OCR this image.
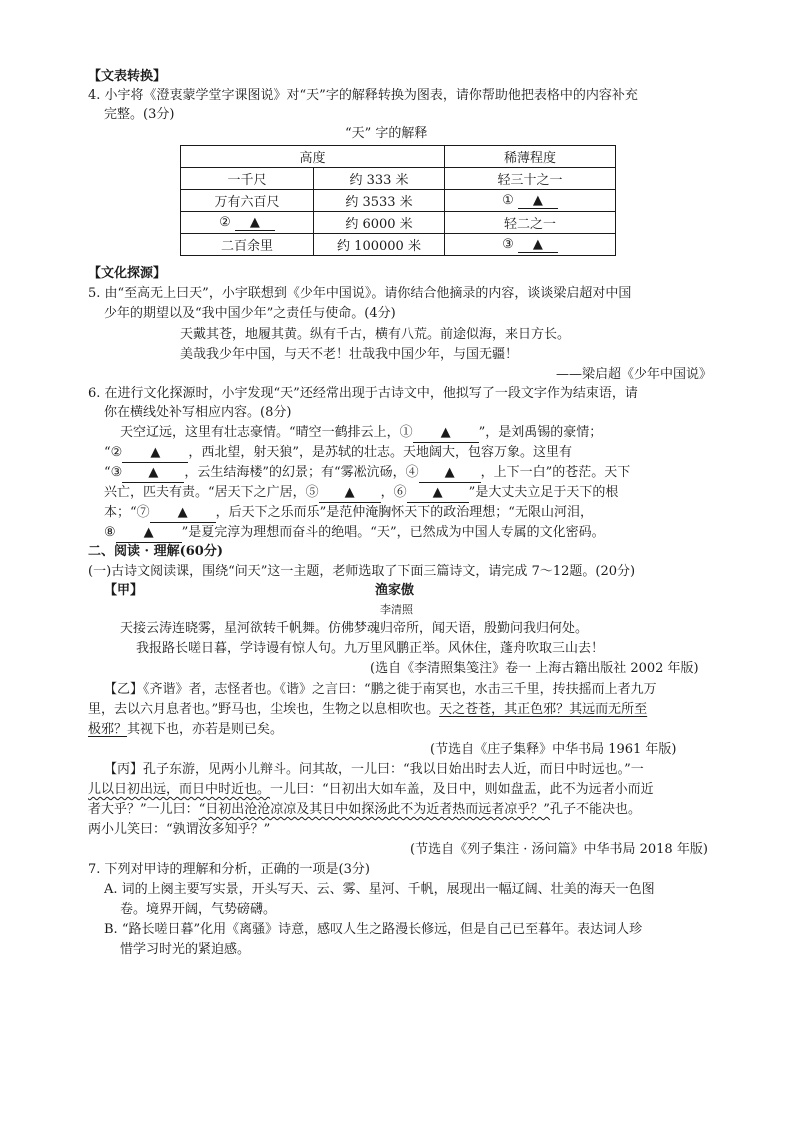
【文表转换】
4. 小宇将《澄衷蒙学堂字课图说》对“天”字的解释转换为图表，请你帮助他把表格中的内容补充
完整。(3分)
“天” 字的解释
高度		稀薄程度
一千尺	约 333 米	轻三十之一
万有六百尺	约 3533 米	① ▲
② ▲	约 6000 米	轻二之一
二百余里	约 100000 米	③ ▲
【文化探源】
5. 由“至高无上曰天”，小宇联想到《少年中国说》。请你结合他摘录的内容，谈谈梁启超对中国
少年的期望以及“我中国少年”之责任与使命。(4分)
天戴其苍，地履其黄。纵有千古，横有八荒。前途似海，来日方长。
美哉我少年中国，与天不老！壮哉我中国少年，与国无疆！
——梁启超《少年中国说》
6. 在进行文化探源时，小宇发现“天”还经常出现于古诗文中，他拟写了一段文字作为结束语，请
你在横线处补写相应内容。(8分)
天空辽远，这里有壮志豪情。“晴空一鹤排云上，① ▲ ”，是刘禹锡的豪情；
“② ▲ ，西北望，射天狼”，是苏轼的壮志。天地阔大，包容万象。这里有
“③ ▲ ，云生结海楼”的幻景；有“雾凇沆砀，④ ▲ ，上下一白”的苍茫。天下
兴亡，匹夫有责。“居天下之广居，⑤ ▲ ，⑥ ▲ ”是大丈夫立足于天下的根
本；“⑦ ▲ ，后天下之乐而乐”是范仲淹胸怀天下的政治理想；“无限山河泪，
⑧ ▲ ”是夏完淳为理想而奋斗的绝唱。“天”，已然成为中国人专属的文化密码。
二、阅读 · 理解(60分)
(一)古诗文阅读课，围绕“问天”这一主题，老师选取了下面三篇诗文，请完成 7～12题。(20分)
【甲】	渔家傲
李清照
天接云涛连晓雾，星河欲转千帆舞。仿佛梦魂归帝所，闻天语，殷勤问我归何处。
我报路长嗟日暮，学诗谩有惊人句。九万里风鹏正举。风休住，蓬舟吹取三山去！
(选自《李清照集笺注》卷一 上海古籍出版社 2002 年版)
【乙】《齐谐》者，志怪者也。《谐》之言曰：“鹏之徙于南冥也，水击三千里，抟扶摇而上者九万
里，去以六月息者也。”野马也，尘埃也，生物之以息相吹也。天之苍苍，其正色邪？其远而无所至
极邪？其视下也，亦若是则已矣。
(节选自《庄子集释》中华书局 1961 年版)
【丙】孔子东游，见两小儿辩斗。问其故，一儿曰：“我以日始出时去人近，而日中时远也。”一
儿以日初出远，而日中时近也。一儿曰：“日初出大如车盖，及日中，则如盘盂，此不为远者小而近
者大乎？”一儿曰：“日初出沧沧凉凉及其日中如探汤此不为近者热而远者凉乎？”孔子不能决也。
两小儿笑曰：“孰谓汝多知乎？”
(节选自《列子集注 · 汤问篇》中华书局 2018 年版)
7. 下列对甲诗的理解和分析，正确的一项是(3分)
A. 词的上阕主要写实景，开头写天、云、雾、星河、千帆，展现出一幅辽阔、壮美的海天一色图
卷。境界开阔，气势磅礴。
B. “路长嗟日暮”化用《离骚》诗意，感叹人生之路漫长修远，但是自己已至暮年。表达词人珍
惜学习时光的紧迫感。
